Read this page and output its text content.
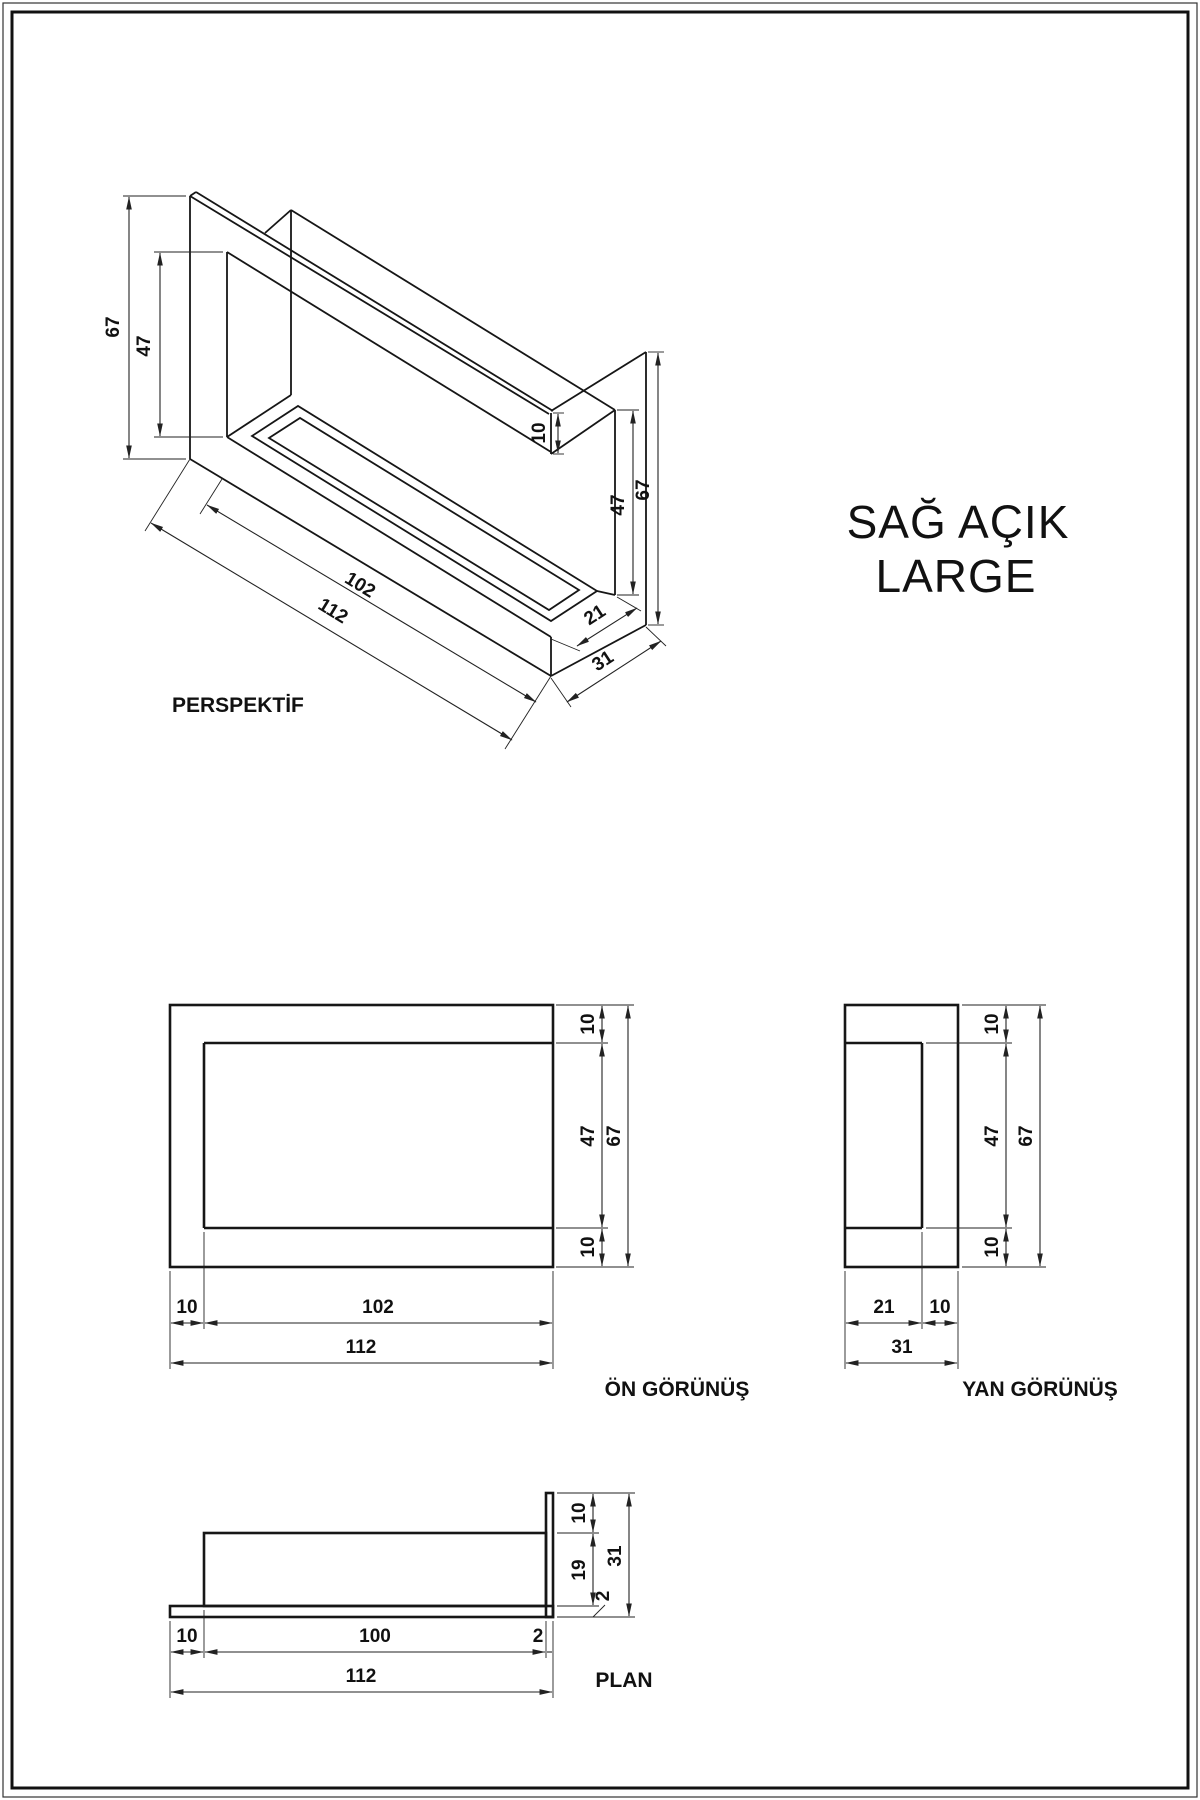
67
47
10
47
67
102
112	21
31
PERSPEKTİF
SAĞ AÇIK
LARGE
10
47
10
67
10	102
112
ÖN GÖRÜNÜŞ
10
47
10
67
21 10
31
YAN GÖRÜNÜŞ
10
19
2
31
10	100	2
112	PLAN
